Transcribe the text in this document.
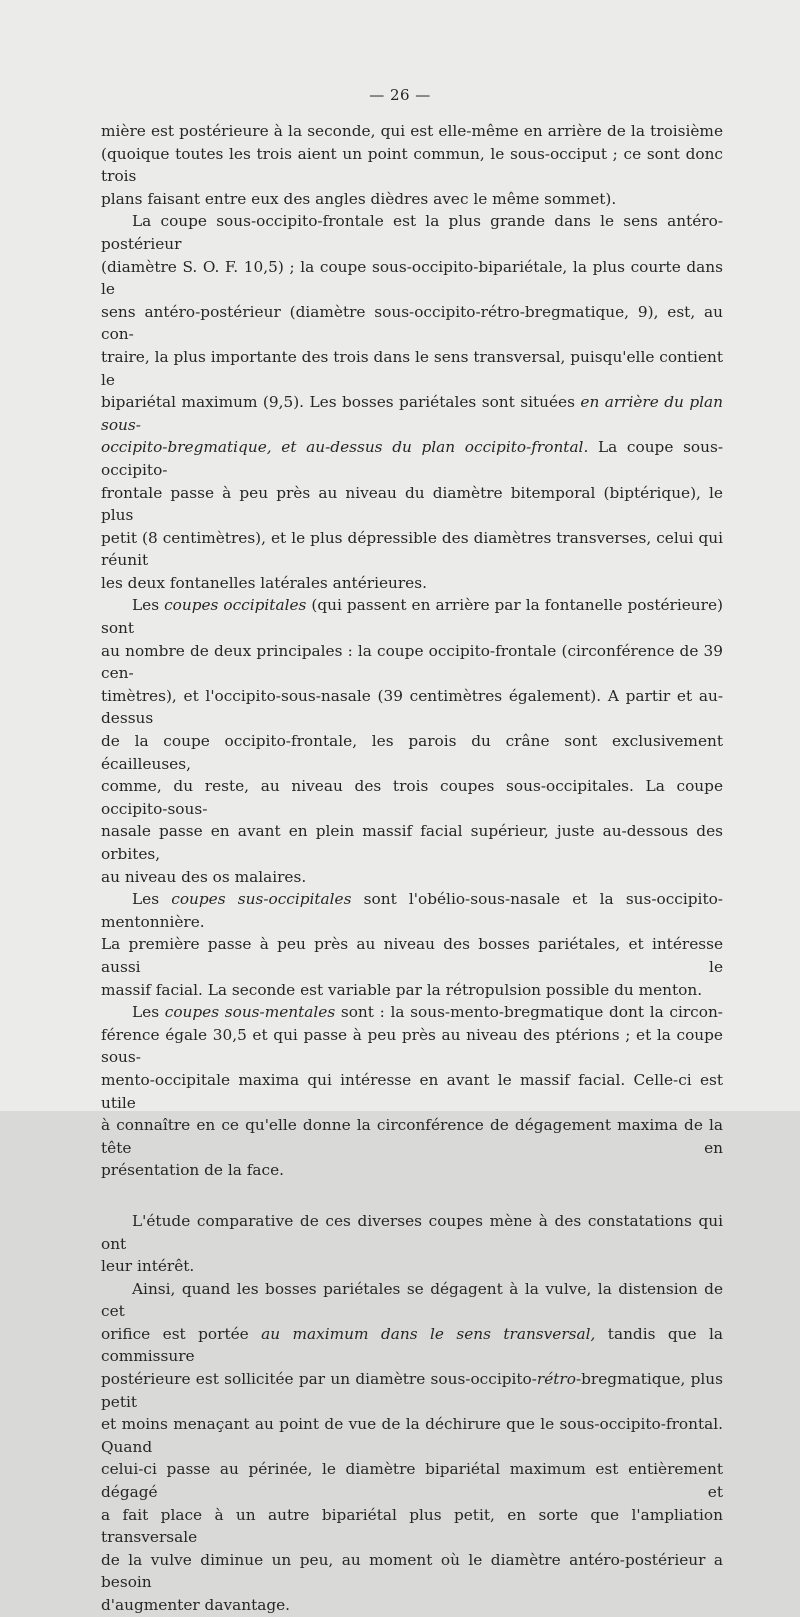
— 26 —
mière est postérieure à la seconde, qui est elle-même en arrière de la troisième
(quoique toutes les trois aient un point commun, le sous-occiput ; ce sont donc trois
plans faisant entre eux des angles dièdres avec le même sommet).
La coupe sous-occipito-frontale est la plus grande dans le sens antéro-postérieur
(diamètre S. O. F. 10,5) ; la coupe sous-occipito-bipariétale, la plus courte dans le
sens antéro-postérieur (diamètre sous-occipito-rétro-bregmatique, 9), est, au con-
traire, la plus importante des trois dans le sens transversal, puisqu'elle contient le
bipariétal maximum (9,5). Les bosses pariétales sont situées en arrière du plan sous-
occipito-bregmatique, et au-dessus du plan occipito-frontal. La coupe sous-occipito-
frontale passe à peu près au niveau du diamètre bitemporal (biptérique), le plus
petit (8 centimètres), et le plus dépressible des diamètres transverses, celui qui réunit
les deux fontanelles latérales antérieures.
Les coupes occipitales (qui passent en arrière par la fontanelle postérieure) sont
au nombre de deux principales : la coupe occipito-frontale (circonférence de 39 cen-
timètres), et l'occipito-sous-nasale (39 centimètres également). A partir et au-dessus
de la coupe occipito-frontale, les parois du crâne sont exclusivement écailleuses,
comme, du reste, au niveau des trois coupes sous-occipitales. La coupe occipito-sous-
nasale passe en avant en plein massif facial supérieur, juste au-dessous des orbites,
au niveau des os malaires.
Les coupes sus-occipitales sont l'obélio-sous-nasale et la sus-occipito-mentonnière.
La première passe à peu près au niveau des bosses pariétales, et intéresse aussi le
massif facial. La seconde est variable par la rétropulsion possible du menton.
Les coupes sous-mentales sont : la sous-mento-bregmatique dont la circon-
férence égale 30,5 et qui passe à peu près au niveau des ptérions ; et la coupe sous-
mento-occipitale maxima qui intéresse en avant le massif facial. Celle-ci est utile
à connaître en ce qu'elle donne la circonférence de dégagement maxima de la tête en
présentation de la face.
L'étude comparative de ces diverses coupes mène à des constatations qui ont
leur intérêt.
Ainsi, quand les bosses pariétales se dégagent à la vulve, la distension de cet
orifice est portée au maximum dans le sens transversal, tandis que la commissure
postérieure est sollicitée par un diamètre sous-occipito-rétro-bregmatique, plus petit
et moins menaçant au point de vue de la déchirure que le sous-occipito-frontal. Quand
celui-ci passe au périnée, le diamètre bipariétal maximum est entièrement dégagé et
a fait place à un autre bipariétal plus petit, en sorte que l'ampliation transversale
de la vulve diminue un peu, au moment où le diamètre antéro-postérieur a besoin
d'augmenter davantage.
